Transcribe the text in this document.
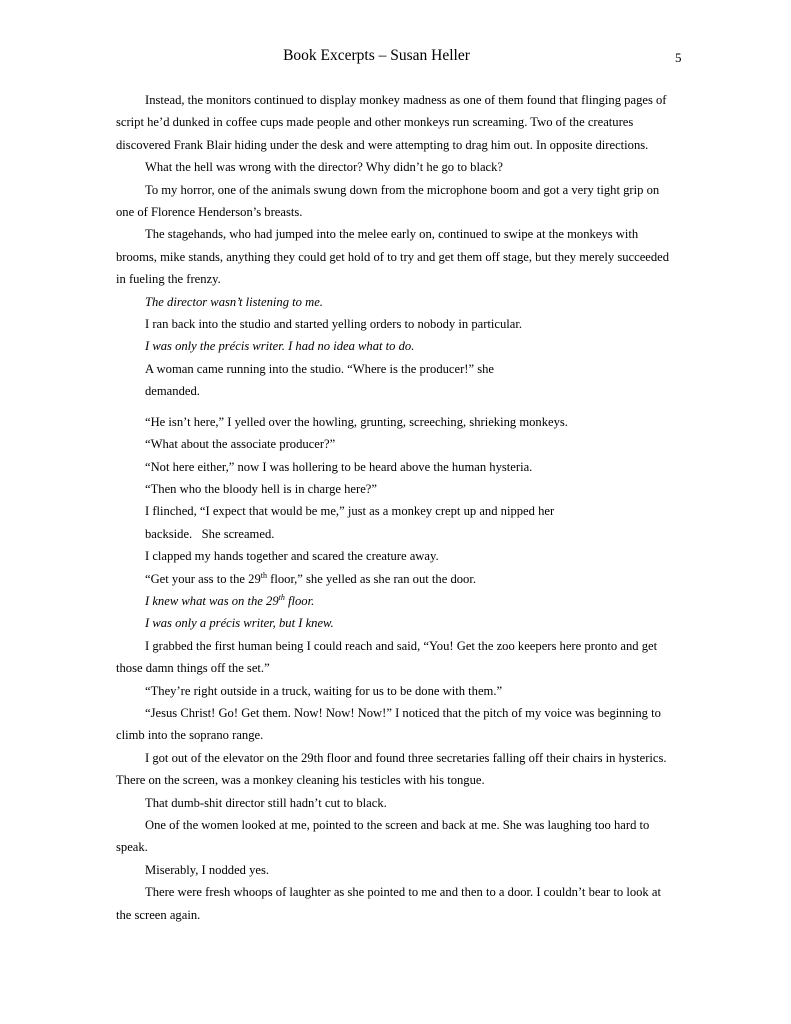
Book Excerpts – Susan Heller	5

Instead, the monitors continued to display monkey madness as one of them found that flinging pages of script he’d dunked in coffee cups made people and other monkeys run screaming. Two of the creatures discovered Frank Blair hiding under the desk and were attempting to drag him out. In opposite directions.

What the hell was wrong with the director? Why didn’t he go to black?

To my horror, one of the animals swung down from the microphone boom and got a very tight grip on one of Florence Henderson’s breasts.

The stagehands, who had jumped into the melee early on, continued to swipe at the monkeys with brooms, mike stands, anything they could get hold of to try and get them off stage, but they merely succeeded in fueling the frenzy.

The director wasn’t listening to me.

I ran back into the studio and started yelling orders to nobody in particular.

I was only the précis writer. I had no idea what to do.

A woman came running into the studio. “Where is the producer!” she

demanded.

“He isn’t here,” I yelled over the howling, grunting, screeching, shrieking monkeys.

“What about the associate producer?”

“Not here either,” now I was hollering to be heard above the human hysteria.

“Then who the bloody hell is in charge here?”

I flinched, “I expect that would be me,” just as a monkey crept up and nipped her

backside.   She screamed.

I clapped my hands together and scared the creature away.

“Get your ass to the 29th floor,” she yelled as she ran out the door.

I knew what was on the 29th floor.

I was only a précis writer, but I knew.

I grabbed the first human being I could reach and said, “You! Get the zoo keepers here pronto and get those damn things off the set.”

“They’re right outside in a truck, waiting for us to be done with them.”

“Jesus Christ! Go! Get them. Now! Now! Now!” I noticed that the pitch of my voice was beginning to climb into the soprano range.

I got out of the elevator on the 29th floor and found three secretaries falling off their chairs in hysterics. There on the screen, was a monkey cleaning his testicles with his tongue.

That dumb-shit director still hadn’t cut to black.

One of the women looked at me, pointed to the screen and back at me. She was laughing too hard to speak.

Miserably, I nodded yes.

There were fresh whoops of laughter as she pointed to me and then to a door. I couldn’t bear to look at the screen again.
